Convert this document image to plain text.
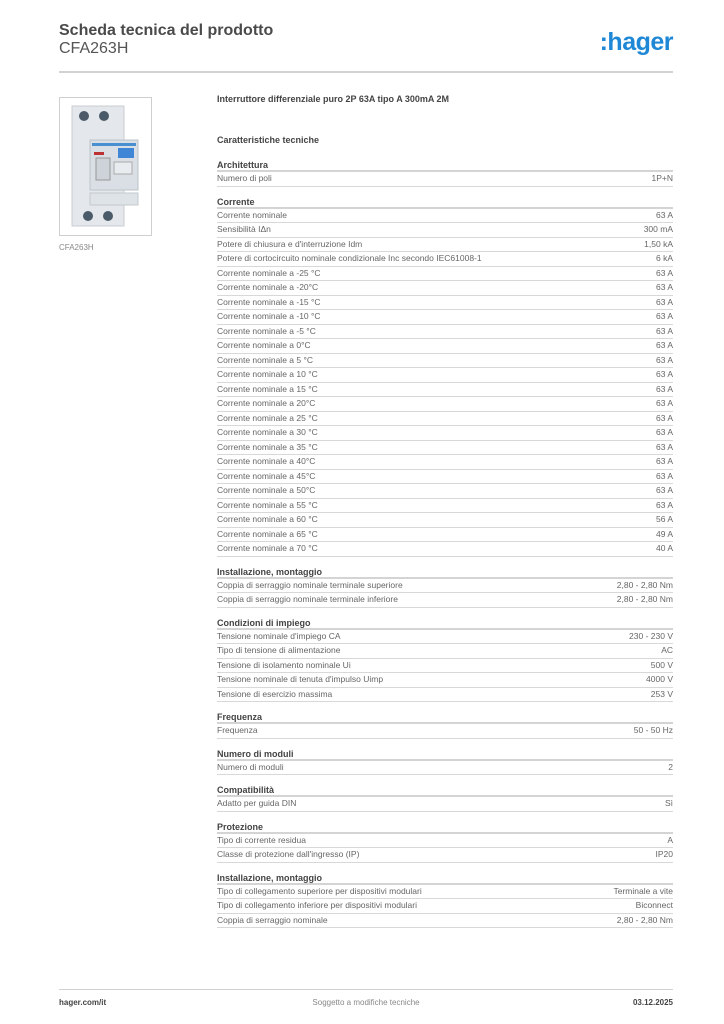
Scheda tecnica del prodotto
CFA263H	:hager
CFA263H
Interruttore differenziale puro 2P 63A tipo A 300mA 2M
Caratteristiche tecniche
Architettura
Numero di poli	1P+N
Corrente
Corrente nominale	63 A
Sensibilità IΔn	300 mA
Potere di chiusura e d'interruzione Idm	1,50 kA
Potere di cortocircuito nominale condizionale Inc secondo IEC61008-1	6 kA
Corrente nominale a -25 °C	63 A
Corrente nominale a -20°C	63 A
Corrente nominale a -15 °C	63 A
Corrente nominale a -10 °C	63 A
Corrente nominale a -5 °C	63 A
Corrente nominale a 0°C	63 A
Corrente nominale a 5 °C	63 A
Corrente nominale a 10 °C	63 A
Corrente nominale a 15 °C	63 A
Corrente nominale a 20°C	63 A
Corrente nominale a 25 °C	63 A
Corrente nominale a 30 °C	63 A
Corrente nominale a 35 °C	63 A
Corrente nominale a 40°C	63 A
Corrente nominale a 45°C	63 A
Corrente nominale a 50°C	63 A
Corrente nominale a 55 °C	63 A
Corrente nominale a 60 °C	56 A
Corrente nominale a 65 °C	49 A
Corrente nominale a 70 °C	40 A
Installazione, montaggio
Coppia di serraggio nominale terminale superiore	2,80 - 2,80 Nm
Coppia di serraggio nominale terminale inferiore	2,80 - 2,80 Nm
Condizioni di impiego
Tensione nominale d'impiego CA	230 - 230 V
Tipo di tensione di alimentazione	AC
Tensione di isolamento nominale Ui	500 V
Tensione nominale di tenuta d'impulso Uimp	4000 V
Tensione di esercizio massima	253 V
Frequenza
Frequenza	50 - 50 Hz
Numero di moduli
Numero di moduli	2
Compatibilità
Adatto per guida DIN	Sì
Protezione
Tipo di corrente residua	A
Classe di protezione dall'ingresso (IP)	IP20
Installazione, montaggio
Tipo di collegamento superiore per dispositivi modulari	Terminale a vite
Tipo di collegamento inferiore per dispositivi modulari	Biconnect
Coppia di serraggio nominale	2,80 - 2,80 Nm
hager.com/it	Soggetto a modifiche tecniche	03.12.2025
